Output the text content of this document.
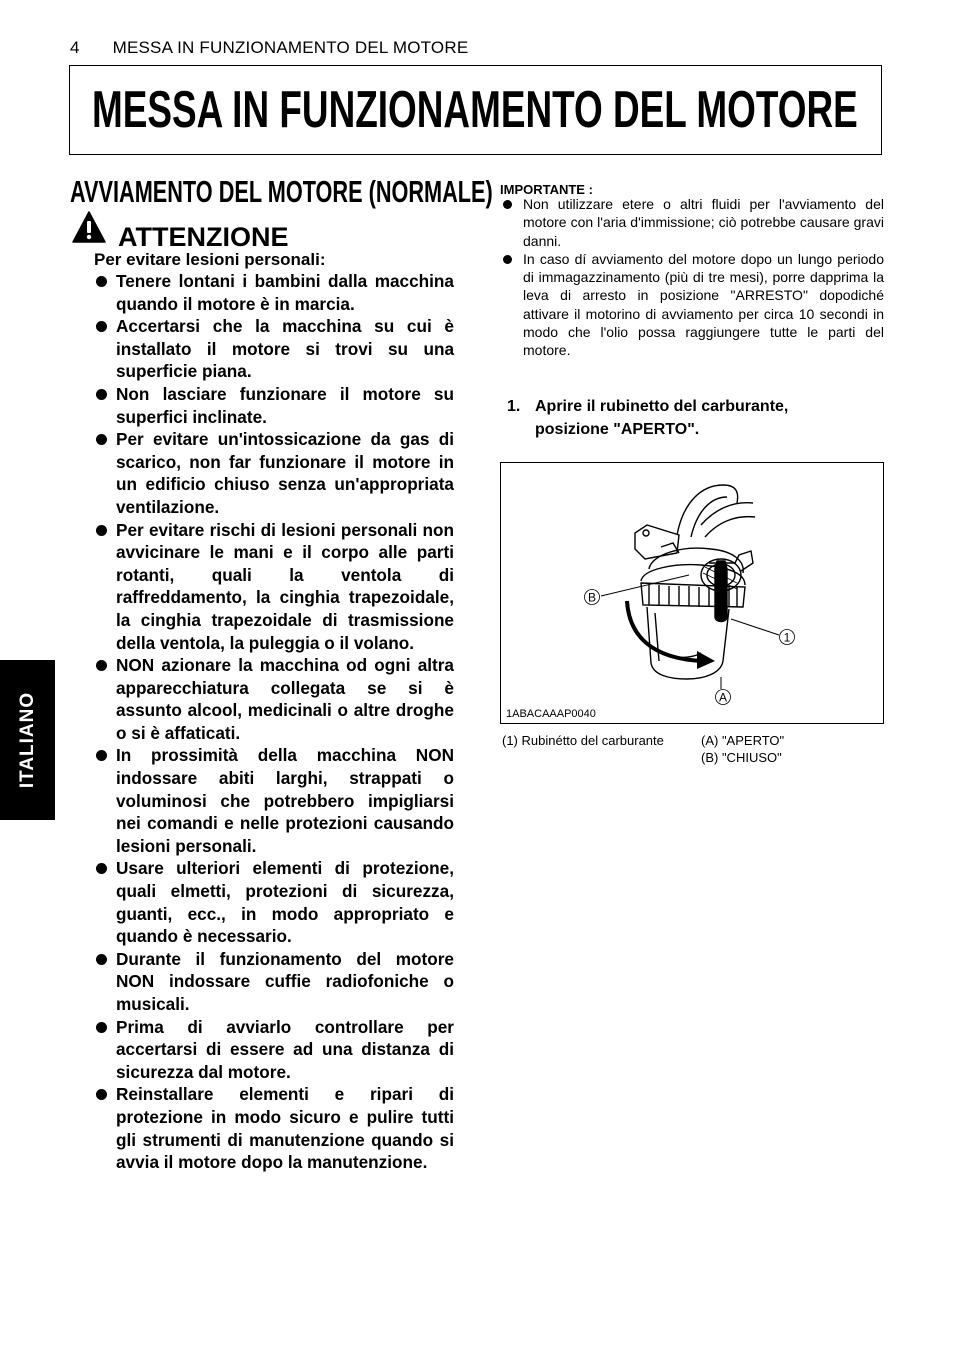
4 MESSA IN FUNZIONAMENTO DEL MOTORE
MESSA IN FUNZIONAMENTO DEL MOTORE
ITALIANO
AVVIAMENTO DEL MOTORE (NORMALE)
ATTENZIONE
Per evitare lesioni personali:
Tenere lontani i bambini dalla macchina quando il motore è in marcia.
Accertarsi che la macchina su cui è installato il motore si trovi su una superficie piana.
Non lasciare funzionare il motore su superfici inclinate.
Per evitare un'intossicazione da gas di scarico, non far funzionare il motore in un edificio chiuso senza un'appropriata ventilazione.
Per evitare rischi di lesioni personali non avvicinare le mani e il corpo alle parti rotanti, quali la ventola di raffreddamento, la cinghia trapezoidale, la cinghia trapezoidale di trasmissione della ventola, la puleggia o il volano.
NON azionare la macchina od ogni altra apparecchiatura collegata se si è assunto alcool, medicinali o altre droghe o si è affaticati.
In prossimità della macchina NON indossare abiti larghi, strappati o voluminosi che potrebbero impigliarsi nei comandi e nelle protezioni causando lesioni personali.
Usare ulteriori elementi di protezione, quali elmetti, protezioni di sicurezza, guanti, ecc., in modo appropriato e quando è necessario.
Durante il funzionamento del motore NON indossare cuffie radiofoniche o musicali.
Prima di avviarlo controllare per accertarsi di essere ad una distanza di sicurezza dal motore.
Reinstallare elementi e ripari di protezione in modo sicuro e pulire tutti gli strumenti di manutenzione quando si avvia il motore dopo la manutenzione.
IMPORTANTE :
Non utilizzare etere o altri fluidi per l'avviamento del motore con l'aria d'immissione; ciò potrebbe causare gravi danni.
In caso dí avviamento del motore dopo un lungo periodo di immagazzinamento (più di tre mesi), porre dapprima la leva di arresto in posizione "ARRESTO" dopodiché attivare il motorino di avviamento per circa 10 secondi in modo che l'olio possa raggiungere tutte le parti del motore.
1. Aprire il rubinetto del carburante, posizione "APERTO".
B
1
A
1ABACAAAP0040
(1) Rubinétto del carburante	(A) "APERTO"
(B) "CHIUSO"
